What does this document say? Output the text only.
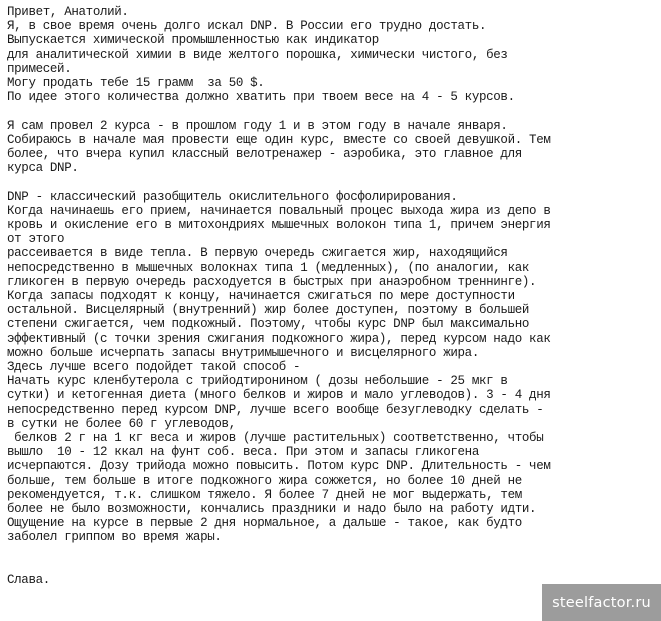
Привет, Анатолий.
Я, в свое время очень долго искал DNP. В России его трудно достать.
Выпускается химической промышленностью как индикатор
для аналитической химии в виде желтого порошка, химически чистого, без
примесей.
Могу продать тебе 15 грамм  за 50 $.
По идее этого количества должно хватить при твоем весе на 4 - 5 курсов.
Я сам провел 2 курса - в прошлом году 1 и в этом году в начале января.
Собираюсь в начале мая провести еще один курс, вместе со своей девушкой. Тем
более, что вчера купил классный велотренажер - аэробика, это главное для
курса DNP.
DNP - классический разобщитель окислительного фосфолирирования.
Когда начинаешь его прием, начинается повальный процес выхода жира из депо в
кровь и окисление его в митохондриях мышечных волокон типа 1, причем энергия
от этого
рассеивается в виде тепла. В первую очередь сжигается жир, находящийся
непосредственно в мышечных волокнах типа 1 (медленных), (по аналогии, как
гликоген в первую очередь расходуется в быстрых при анаэробном треннинге).
Когда запасы подходят к концу, начинается сжигаться по мере доступности
остальной. Висцелярный (внутренний) жир более доступен, поэтому в большей
степени сжигается, чем подкожный. Поэтому, чтобы курс DNP был максимально
эффективный (с точки зрения сжигания подкожного жира), перед курсом надо как
можно больше исчерпать запасы внутримышечного и висцелярного жира.
Здесь лучше всего подойдет такой способ -
Начать курс кленбутерола с трийодтиронином ( дозы небольшие - 25 мкг в
сутки) и кетогенная диета (много белков и жиров и мало углеводов). 3 - 4 дня
непосредственно перед курсом DNP, лучше всего вообще безуглеводку сделать -
в сутки не более 60 г углеводов,
белков 2 г на 1 кг веса и жиров (лучше растительных) соответственно, чтобы
вышло  10 - 12 ккал на фунт соб. веса. При этом и запасы гликогена
исчерпаются. Дозу трийода можно повысить. Потом курс DNP. Длительность - чем
больше, тем больше в итоге подкожного жира сожжется, но более 10 дней не
рекомендуется, т.к. слишком тяжело. Я более 7 дней не мог выдержать, тем
более не было возможности, кончались праздники и надо было на работу идти.
Ощущение на курсе в первые 2 дня нормальное, а дальше - такое, как будто
заболел гриппом во время жары.
Слава.
steelfactor.ru
